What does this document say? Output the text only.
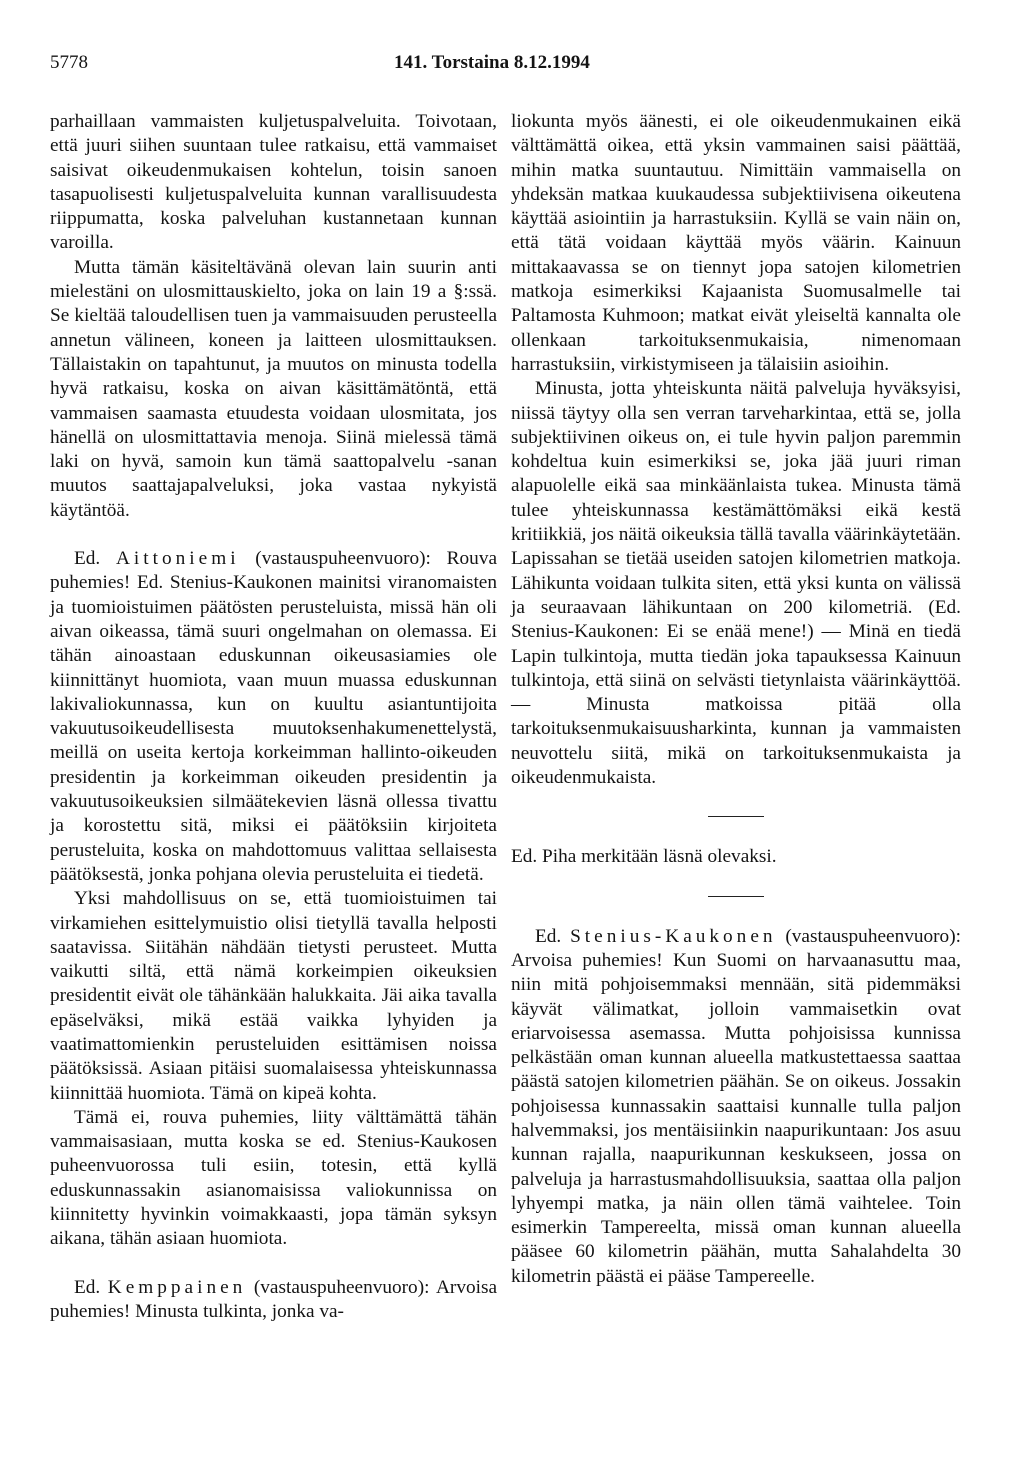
5778	141. Torstaina 8.12.1994

parhaillaan vammaisten kuljetuspalveluita. Toivotaan, että juuri siihen suuntaan tulee ratkaisu, että vammaiset saisivat oikeudenmukaisen kohtelun, toisin sanoen tasapuolisesti kuljetuspalveluita kunnan varallisuudesta riippumatta, koska palveluhan kustannetaan kunnan varoilla.

Mutta tämän käsiteltävänä olevan lain suurin anti mielestäni on ulosmittauskielto, joka on lain 19 a §:ssä. Se kieltää taloudellisen tuen ja vammaisuuden perusteella annetun välineen, koneen ja laitteen ulosmittauksen. Tällaistakin on tapahtunut, ja muutos on minusta todella hyvä ratkaisu, koska on aivan käsittämätöntä, että vammaisen saamasta etuudesta voidaan ulosmitata, jos hänellä on ulosmittattavia menoja. Siinä mielessä tämä laki on hyvä, samoin kun tämä saattopalvelu -sanan muutos saattajapalveluksi, joka vastaa nykyistä käytäntöä.

Ed. Aittoniemi (vastauspuheenvuoro): Rouva puhemies! Ed. Stenius-Kaukonen mainitsi viranomaisten ja tuomioistuimen päätösten perusteluista, missä hän oli aivan oikeassa, tämä suuri ongelmahan on olemassa. Ei tähän ainoastaan eduskunnan oikeusasiamies ole kiinnittänyt huomiota, vaan muun muassa eduskunnan lakivaliokunnassa, kun on kuultu asiantuntijoita vakuutusoikeudellisesta muutoksenhakumenettelystä, meillä on useita kertoja korkeimman hallinto-oikeuden presidentin ja korkeimman oikeuden presidentin ja vakuutusoikeuksien silmäätekevien läsnä ollessa tivattu ja korostettu sitä, miksi ei päätöksiin kirjoiteta perusteluita, koska on mahdottomuus valittaa sellaisesta päätöksestä, jonka pohjana olevia perusteluita ei tiedetä.

Yksi mahdollisuus on se, että tuomioistuimen tai virkamiehen esittelymuistio olisi tietyllä tavalla helposti saatavissa. Siitähän nähdään tietysti perusteet. Mutta vaikutti siltä, että nämä korkeimpien oikeuksien presidentit eivät ole tähänkään halukkaita. Jäi aika tavalla epäselväksi, mikä estää vaikka lyhyiden ja vaatimattomienkin perusteluiden esittämisen noissa päätöksissä. Asiaan pitäisi suomalaisessa yhteiskunnassa kiinnittää huomiota. Tämä on kipeä kohta.

Tämä ei, rouva puhemies, liity välttämättä tähän vammaisasiaan, mutta koska se ed. Stenius-Kaukosen puheenvuorossa tuli esiin, totesin, että kyllä eduskunnassakin asianomaisissa valiokunnissa on kiinnitetty hyvinkin voimakkaasti, jopa tämän syksyn aikana, tähän asiaan huomiota.

Ed. Kemppainen (vastauspuheenvuoro): Arvoisa puhemies! Minusta tulkinta, jonka va-

liokunta myös äänesti, ei ole oikeudenmukainen eikä välttämättä oikea, että yksin vammainen saisi päättää, mihin matka suuntautuu. Nimittäin vammaisella on yhdeksän matkaa kuukaudessa subjektiivisena oikeutena käyttää asiointiin ja harrastuksiin. Kyllä se vain näin on, että tätä voidaan käyttää myös väärin. Kainuun mittakaavassa se on tiennyt jopa satojen kilometrien matkoja esimerkiksi Kajaanista Suomusalmelle tai Paltamosta Kuhmoon; matkat eivät yleiseltä kannalta ole ollenkaan tarkoituksenmukaisia, nimenomaan harrastuksiin, virkistymiseen ja tälaisiin asioihin.

Minusta, jotta yhteiskunta näitä palveluja hyväksyisi, niissä täytyy olla sen verran tarveharkintaa, että se, jolla subjektiivinen oikeus on, ei tule hyvin paljon paremmin kohdeltua kuin esimerkiksi se, joka jää juuri riman alapuolelle eikä saa minkäänlaista tukea. Minusta tämä tulee yhteiskunnassa kestämättömäksi eikä kestä kritiikkiä, jos näitä oikeuksia tällä tavalla väärinkäytetään. Lapissahan se tietää useiden satojen kilometrien matkoja. Lähikunta voidaan tulkita siten, että yksi kunta on välissä ja seuraavaan lähikuntaan on 200 kilometriä. (Ed. Stenius-Kaukonen: Ei se enää mene!) — Minä en tiedä Lapin tulkintoja, mutta tiedän joka tapauksessa Kainuun tulkintoja, että siinä on selvästi tietynlaista väärinkäyttöä. — Minusta matkoissa pitää olla tarkoituksenmukaisuusharkinta, kunnan ja vammaisten neuvottelu siitä, mikä on tarkoituksenmukaista ja oikeudenmukaista.

Ed. Piha merkitään läsnä olevaksi.

Ed. Stenius-Kaukonen (vastauspuheenvuoro): Arvoisa puhemies! Kun Suomi on harvaanasuttu maa, niin mitä pohjoisemmaksi mennään, sitä pidemmäksi käyvät välimatkat, jolloin vammaisetkin ovat eriarvoisessa asemassa. Mutta pohjoisissa kunnissa pelkästään oman kunnan alueella matkustettaessa saattaa päästä satojen kilometrien päähän. Se on oikeus. Jossakin pohjoisessa kunnassakin saattaisi kunnalle tulla paljon halvemmaksi, jos mentäisiinkin naapurikuntaan: Jos asuu kunnan rajalla, naapurikunnan keskukseen, jossa on palveluja ja harrastusmahdollisuuksia, saattaa olla paljon lyhyempi matka, ja näin ollen tämä vaihtelee. Toin esimerkin Tampereelta, missä oman kunnan alueella pääsee 60 kilometrin päähän, mutta Sahalahdelta 30 kilometrin päästä ei pääse Tampereelle.
